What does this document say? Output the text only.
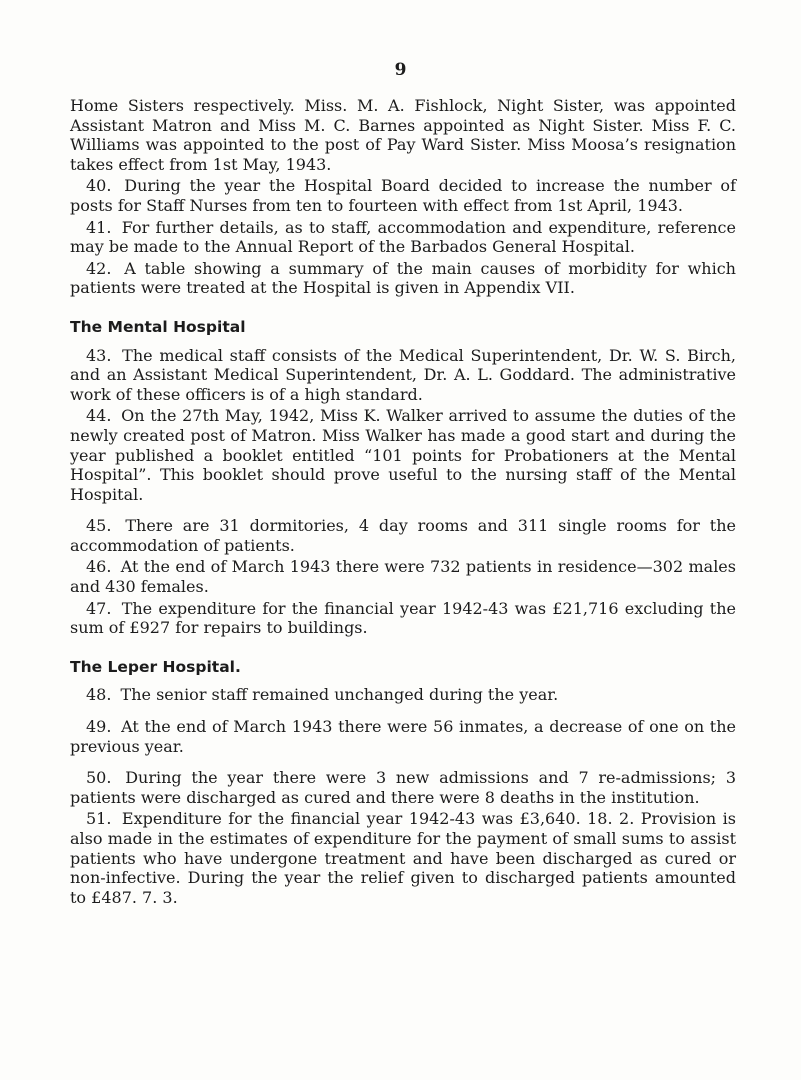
9

Home Sisters respectively. Miss. M. A. Fishlock, Night Sister, was appointed Assistant Matron and Miss M. C. Barnes appointed as Night Sister. Miss F. C. Williams was appointed to the post of Pay Ward Sister. Miss Moosa’s resignation takes effect from 1st May, 1943.

40. During the year the Hospital Board decided to increase the number of posts for Staff Nurses from ten to fourteen with effect from 1st April, 1943.

41. For further details, as to staff, accommodation and expenditure, reference may be made to the Annual Report of the Barbados General Hospital.

42. A table showing a summary of the main causes of morbidity for which patients were treated at the Hospital is given in Appendix VII.

The Mental Hospital

43. The medical staff consists of the Medical Superintendent, Dr. W. S. Birch, and an Assistant Medical Superintendent, Dr. A. L. Goddard. The administrative work of these officers is of a high standard.

44. On the 27th May, 1942, Miss K. Walker arrived to assume the duties of the newly created post of Matron. Miss Walker has made a good start and during the year published a booklet entitled “101 points for Probationers at the Mental Hospital”. This booklet should prove useful to the nursing staff of the Mental Hospital.

45. There are 31 dormitories, 4 day rooms and 311 single rooms for the accommodation of patients.

46. At the end of March 1943 there were 732 patients in residence—302 males and 430 females.

47. The expenditure for the financial year 1942-43 was £21,716 excluding the sum of £927 for repairs to buildings.

The Leper Hospital.

48. The senior staff remained unchanged during the year.

49. At the end of March 1943 there were 56 inmates, a decrease of one on the previous year.

50. During the year there were 3 new admissions and 7 re-admissions; 3 patients were discharged as cured and there were 8 deaths in the institution.

51. Expenditure for the financial year 1942-43 was £3,640. 18. 2. Provision is also made in the estimates of expenditure for the payment of small sums to assist patients who have undergone treatment and have been discharged as cured or non-infective. During the year the relief given to discharged patients amounted to £487. 7. 3.
